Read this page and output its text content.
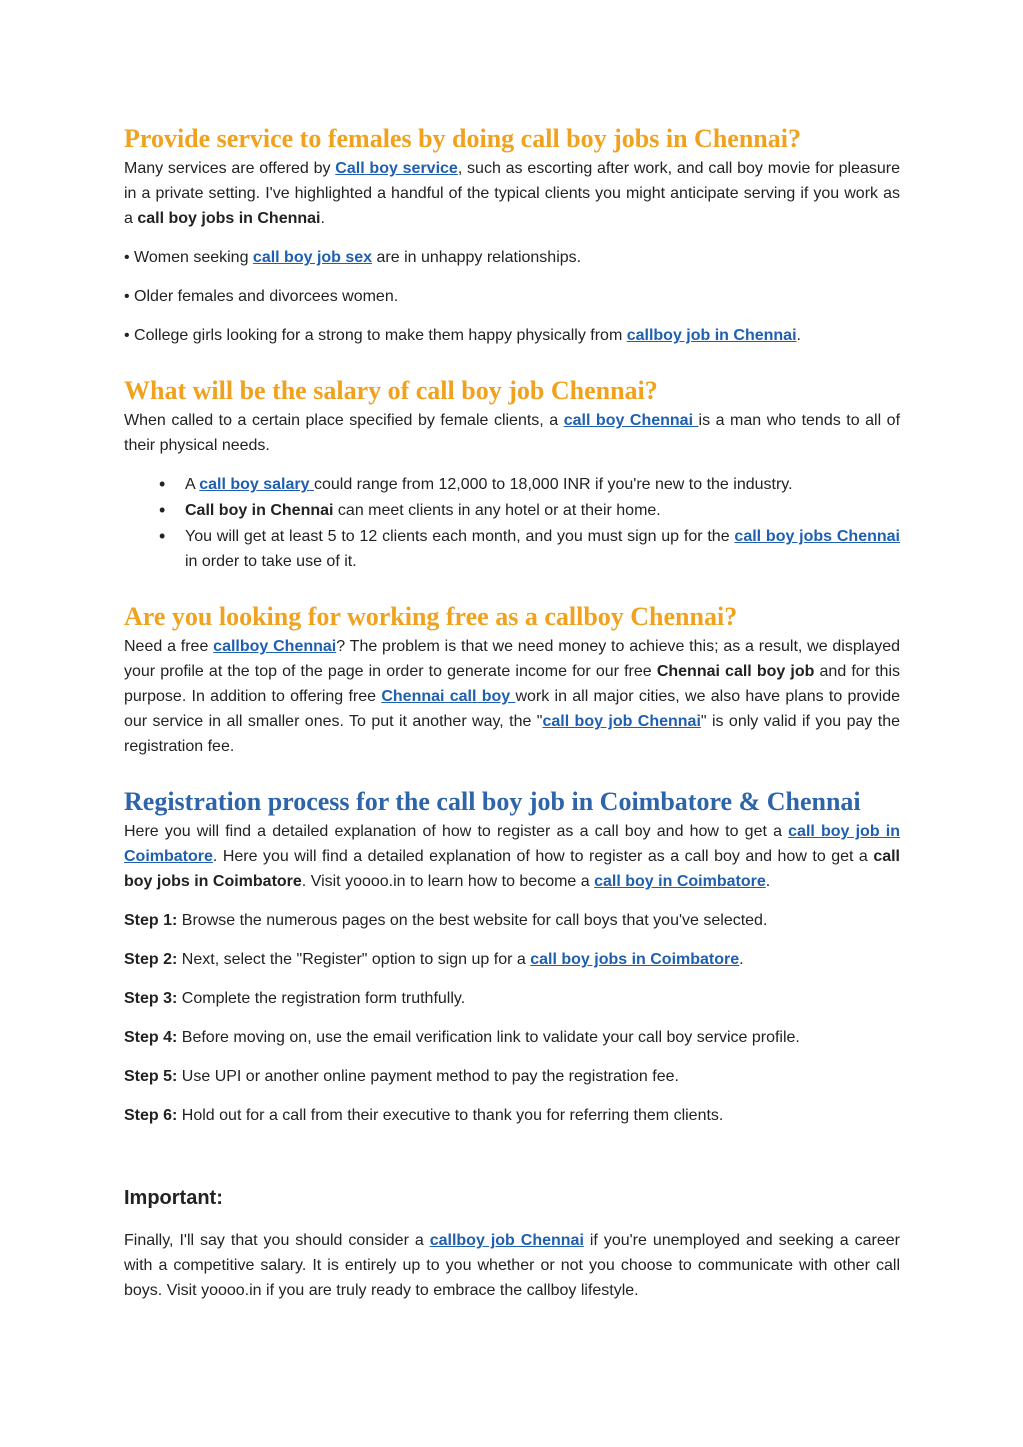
Provide service to females by doing call boy jobs in Chennai?

Many services are offered by Call boy service, such as escorting after work, and call boy movie for pleasure in a private setting. I've highlighted a handful of the typical clients you might anticipate serving if you work as a call boy jobs in Chennai.

• Women seeking call boy job sex are in unhappy relationships.

• Older females and divorcees women.

• College girls looking for a strong to make them happy physically from callboy job in Chennai.

What will be the salary of call boy job Chennai?

When called to a certain place specified by female clients, a call boy Chennai is a man who tends to all of their physical needs.

• A call boy salary could range from 12,000 to 18,000 INR if you're new to the industry.
• Call boy in Chennai can meet clients in any hotel or at their home.
• You will get at least 5 to 12 clients each month, and you must sign up for the call boy jobs Chennai in order to take use of it.
Are you looking for working free as a callboy Chennai?

Need a free callboy Chennai? The problem is that we need money to achieve this; as a result, we displayed your profile at the top of the page in order to generate income for our free Chennai call boy job and for this purpose. In addition to offering free Chennai call boy work in all major cities, we also have plans to provide our service in all smaller ones. To put it another way, the "call boy job Chennai" is only valid if you pay the registration fee.

Registration process for the call boy job in Coimbatore & Chennai

Here you will find a detailed explanation of how to register as a call boy and how to get a call boy job in Coimbatore. Here you will find a detailed explanation of how to register as a call boy and how to get a call boy jobs in Coimbatore. Visit yoooo.in to learn how to become a call boy in Coimbatore.

Step 1: Browse the numerous pages on the best website for call boys that you've selected.

Step 2: Next, select the "Register" option to sign up for a call boy jobs in Coimbatore.

Step 3: Complete the registration form truthfully.

Step 4: Before moving on, use the email verification link to validate your call boy service profile.

Step 5: Use UPI or another online payment method to pay the registration fee.

Step 6: Hold out for a call from their executive to thank you for referring them clients.

Important:

Finally, I'll say that you should consider a callboy job Chennai if you're unemployed and seeking a career with a competitive salary. It is entirely up to you whether or not you choose to communicate with other call boys. Visit yoooo.in if you are truly ready to embrace the callboy lifestyle.
